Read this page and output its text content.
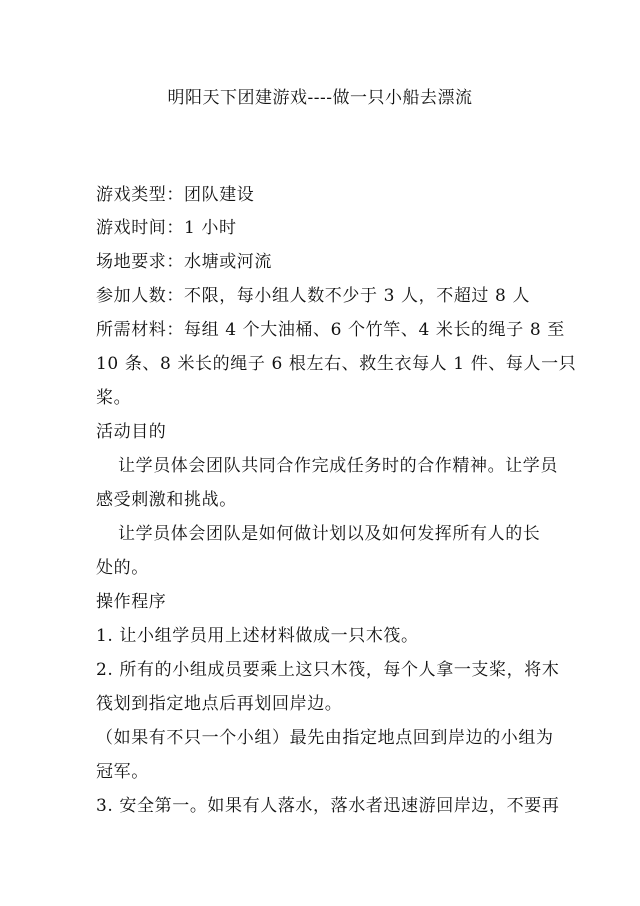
明阳天下团建游戏----做一只小船去漂流
游戏类型：团队建设
游戏时间：1 小时
场地要求：水塘或河流
参加人数：不限，每小组人数不少于 3 人，不超过 8 人
所需材料：每组 4 个大油桶、6 个竹竿、4 米长的绳子 8 至
10 条、8 米长的绳子 6 根左右、救生衣每人 1 件、每人一只
桨。
活动目的
让学员体会团队共同合作完成任务时的合作精神。让学员
感受刺激和挑战。
让学员体会团队是如何做计划以及如何发挥所有人的长
处的。
操作程序
1. 让小组学员用上述材料做成一只木筏。
2. 所有的小组成员要乘上这只木筏，每个人拿一支桨，将木
筏划到指定地点后再划回岸边。
（如果有不只一个小组）最先由指定地点回到岸边的小组为
冠军。
3. 安全第一。如果有人落水，落水者迅速游回岸边，不要再
